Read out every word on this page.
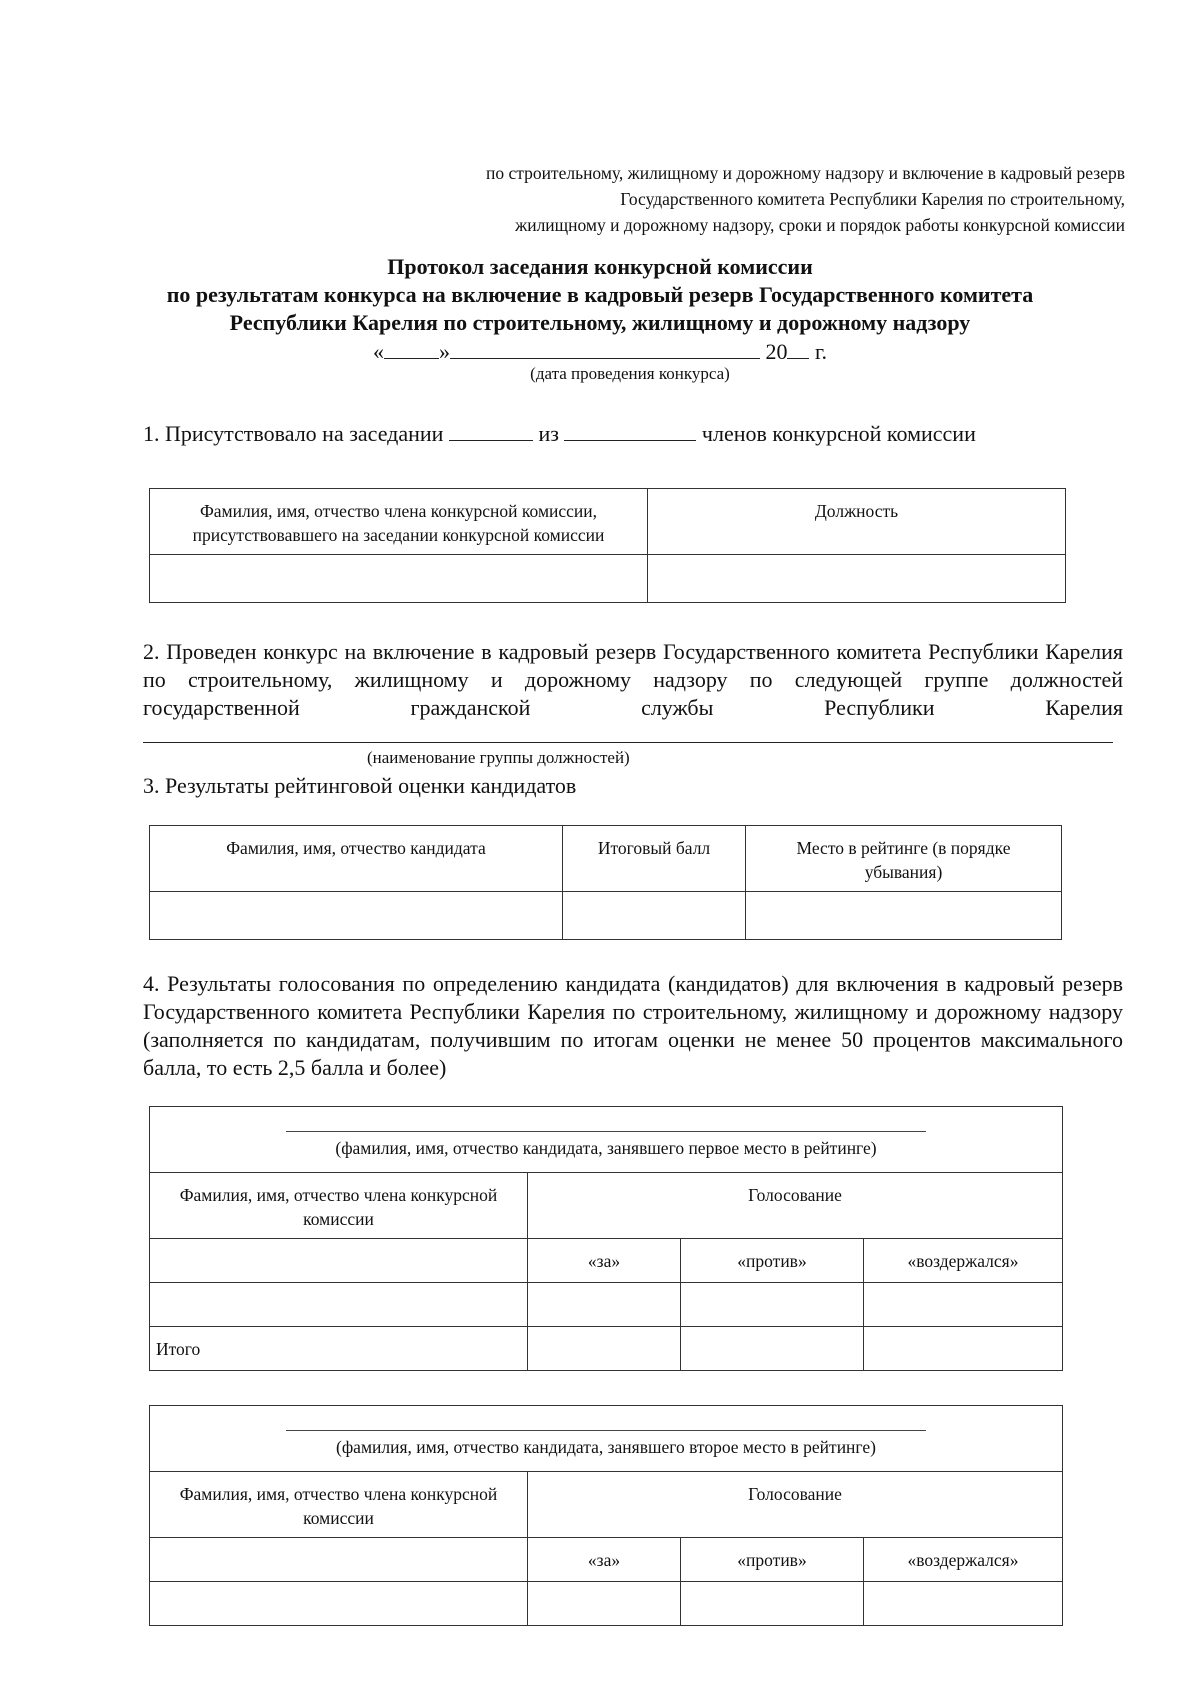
по строительному, жилищному и дорожному надзору и включение в кадровый резерв
Государственного комитета Республики Карелия по строительному,
жилищному и дорожному надзору, сроки и порядок работы конкурсной комиссии
Протокол заседания конкурсной комиссии
по результатам конкурса на включение в кадровый резерв Государственного комитета
Республики Карелия по строительному, жилищному и дорожному надзору
«	»	20 г.
(дата проведения конкурса)
1. Присутствовало на заседании	из	членов конкурсной комиссии
Фамилия, имя, отчество члена конкурсной комиссии, присутствовавшего на заседании конкурсной комиссии	Должность

2. Проведен конкурс на включение в кадровый резерв Государственного комитета Республики Карелия по строительному, жилищному и дорожному надзору по следующей группе должностей государственной гражданской службы Республики Карелия
(наименование группы должностей)
3. Результаты рейтинговой оценки кандидатов
Фамилия, имя, отчество кандидата	Итоговый балл	Место в рейтинге (в порядке убывания)

4. Результаты голосования по определению кандидата (кандидатов) для включения в кадровый резерв Государственного комитета Республики Карелия по строительному, жилищному и дорожному надзору (заполняется по кандидатам, получившим по итогам оценки не менее 50 процентов максимального балла, то есть 2,5 балла и более)
(фамилия, имя, отчество кандидата, занявшего первое место в рейтинге)			

Фамилия, имя, отчество члена конкурсной комиссии	Голосование		
	«за»	«против»	«воздержался»

Итого			
(фамилия, имя, отчество кандидата, занявшего второе место в рейтинге)			

Фамилия, имя, отчество члена конкурсной комиссии	Голосование		
	«за»	«против»	«воздержался»
